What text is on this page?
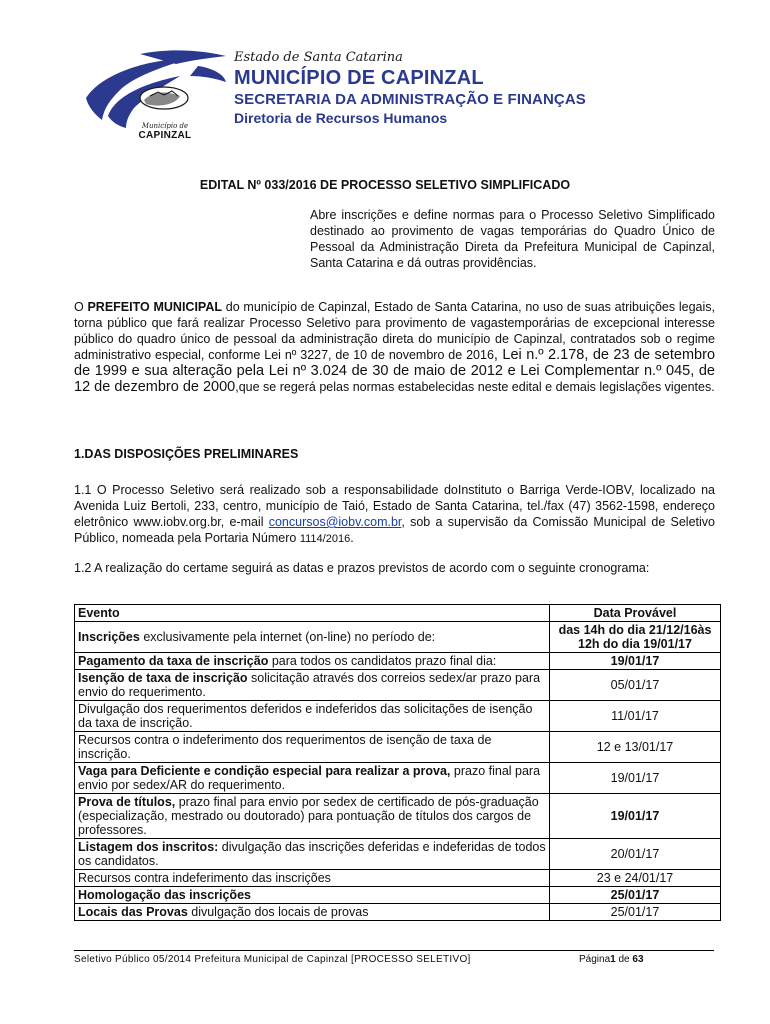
Município de
CAPINZAL
Estado de Santa Catarina
MUNICÍPIO DE CAPINZAL
SECRETARIA DA ADMINISTRAÇÃO E FINANÇAS
Diretoria de Recursos Humanos
EDITAL Nº 033/2016 DE PROCESSO SELETIVO SIMPLIFICADO
Abre inscrições e define normas para o Processo Seletivo Simplificado destinado ao provimento de vagas temporárias do Quadro Único de Pessoal da Administração Direta da Prefeitura Municipal de Capinzal, Santa Catarina e dá outras providências.
O PREFEITO MUNICIPAL do município de Capinzal, Estado de Santa Catarina, no uso de suas atribuições legais, torna público que fará realizar Processo Seletivo para provimento de vagastemporárias de excepcional interesse público do quadro único de pessoal da administração direta do município de Capinzal, contratados sob o regime administrativo especial, conforme Lei nº 3227, de 10 de novembro de 2016, Lei n.º 2.178, de 23 de setembro de 1999 e sua alteração pela Lei nº 3.024 de 30 de maio de 2012 e Lei Complementar n.º 045, de 12 de dezembro de 2000,que se regerá pelas normas estabelecidas neste edital e demais legislações vigentes.
1.DAS DISPOSIÇÕES PRELIMINARES
1.1 O Processo Seletivo será realizado sob a responsabilidade doInstituto o Barriga Verde-IOBV, localizado na Avenida Luiz Bertoli, 233, centro, município de Taió, Estado de Santa Catarina, tel./fax (47) 3562-1598, endereço eletrônico www.iobv.org.br, e-mail concursos@iobv.com.br, sob a supervisão da Comissão Municipal de Seletivo Público, nomeada pela Portaria Número 1114/2016.
1.2 A realização do certame seguirá as datas e prazos previstos de acordo com o seguinte cronograma:
Evento	Data Provável
Inscrições exclusivamente pela internet (on-line) no período de:	das 14h do dia 21/12/16às 12h do dia 19/01/17
Pagamento da taxa de inscrição para todos os candidatos prazo final dia:	19/01/17
Isenção de taxa de inscrição solicitação através dos correios sedex/ar prazo para envio do requerimento.	05/01/17
Divulgação dos requerimentos deferidos e indeferidos das solicitações de isenção da taxa de inscrição.	11/01/17
Recursos contra o indeferimento dos requerimentos de isenção de taxa de inscrição.	12 e 13/01/17
Vaga para Deficiente e condição especial para realizar a prova, prazo final para envio por sedex/AR do requerimento.	19/01/17
Prova de títulos, prazo final para envio por sedex de certificado de pós-graduação (especialização, mestrado ou doutorado) para pontuação de títulos dos cargos de professores.	19/01/17
Listagem dos inscritos: divulgação das inscrições deferidas e indeferidas de todos os candidatos.	20/01/17
Recursos contra indeferimento das inscrições	23 e 24/01/17
Homologação das inscrições	25/01/17
Locais das Provas divulgação dos locais de provas	25/01/17
Seletivo Público 05/2014 Prefeitura Municipal de Capinzal [PROCESSO SELETIVO]	Página1 de 63
